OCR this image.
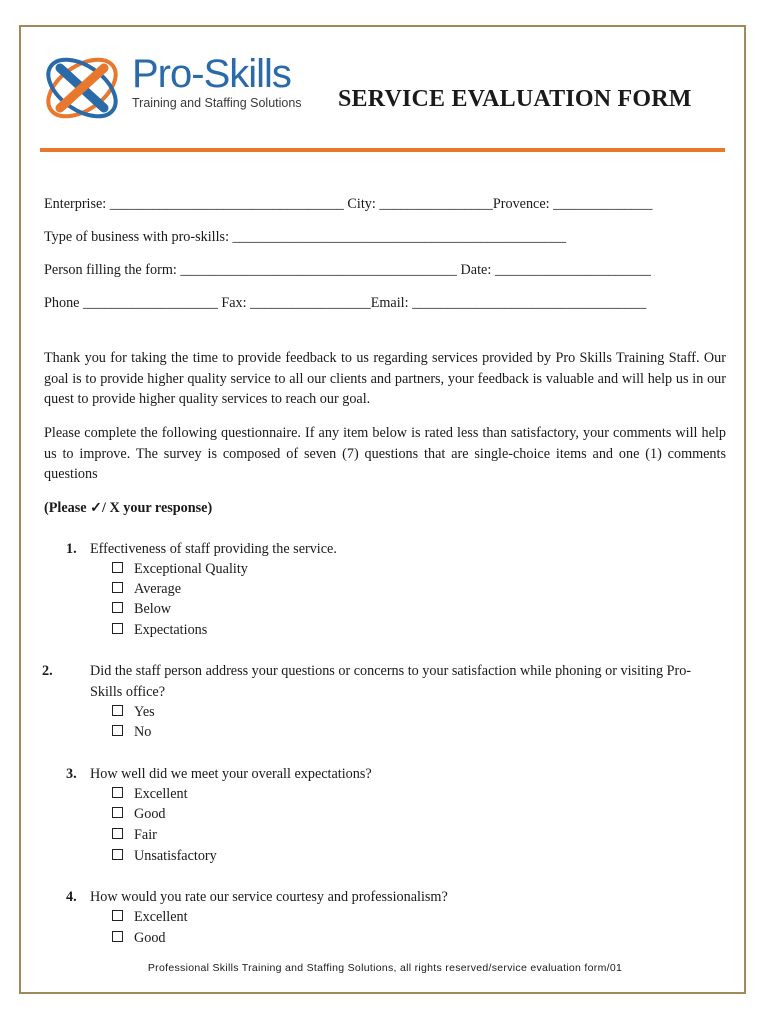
Pro-Skills
Training and Staffing Solutions SERVICE EVALUATION FORM
Enterprise: _________________________________ City: ________________Provence: ______________
Type of business with pro-skills: _______________________________________________
Person filling the form: _______________________________________ Date: ______________________
Phone ___________________ Fax: _________________Email: _________________________________
Thank you for taking the time to provide feedback to us regarding services provided by Pro Skills Training Staff. Our goal is to provide higher quality service to all our clients and partners, your feedback is valuable and will help us in our quest to provide higher quality services to reach our goal.
Please complete the following questionnaire. If any item below is rated less than satisfactory, your comments will help us to improve. The survey is composed of seven (7) questions that are single-choice items and one (1) comments questions
(Please ✓/ X your response)
1. Effectiveness of staff providing the service.
Exceptional Quality
Average
Below
Expectations
2.	Did the staff person address your questions or concerns to your satisfaction while phoning or visiting Pro-Skills office?
Yes
No
3. How well did we meet your overall expectations?
Excellent
Good
Fair
Unsatisfactory
4. How would you rate our service courtesy and professionalism?
Excellent
Good
Professional Skills Training and Staffing Solutions, all rights reserved/service evaluation form/01
